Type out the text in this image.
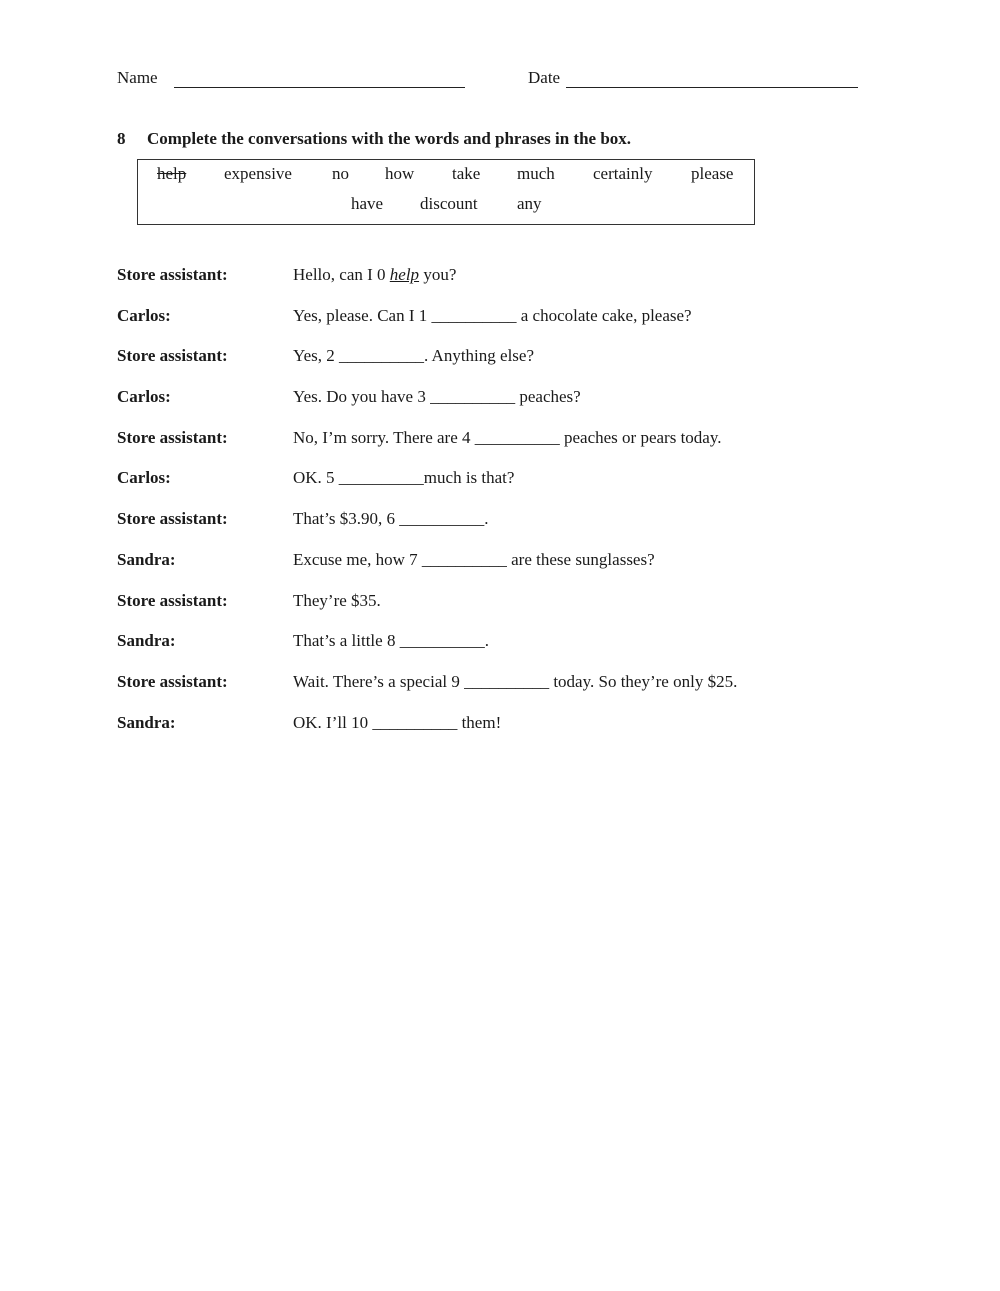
Name	Date
8 Complete the conversations with the words and phrases in the box.
help expensive no how take much certainly please
have discount any
Store assistant:	Hello, can I 0 help you?
Carlos:	Yes, please. Can I 1 __________ a chocolate cake, please?
Store assistant:	Yes, 2 __________. Anything else?
Carlos:	Yes. Do you have 3 __________ peaches?
Store assistant:	No, I’m sorry. There are 4 __________ peaches or pears today.
Carlos:	OK. 5 __________much is that?
Store assistant:	That’s $3.90, 6 __________.
Sandra:	Excuse me, how 7 __________ are these sunglasses?
Store assistant:	They’re $35.
Sandra:	That’s a little 8 __________.
Store assistant:	Wait. There’s a special 9 __________ today. So they’re only $25.
Sandra:	OK. I’ll 10 __________ them!
